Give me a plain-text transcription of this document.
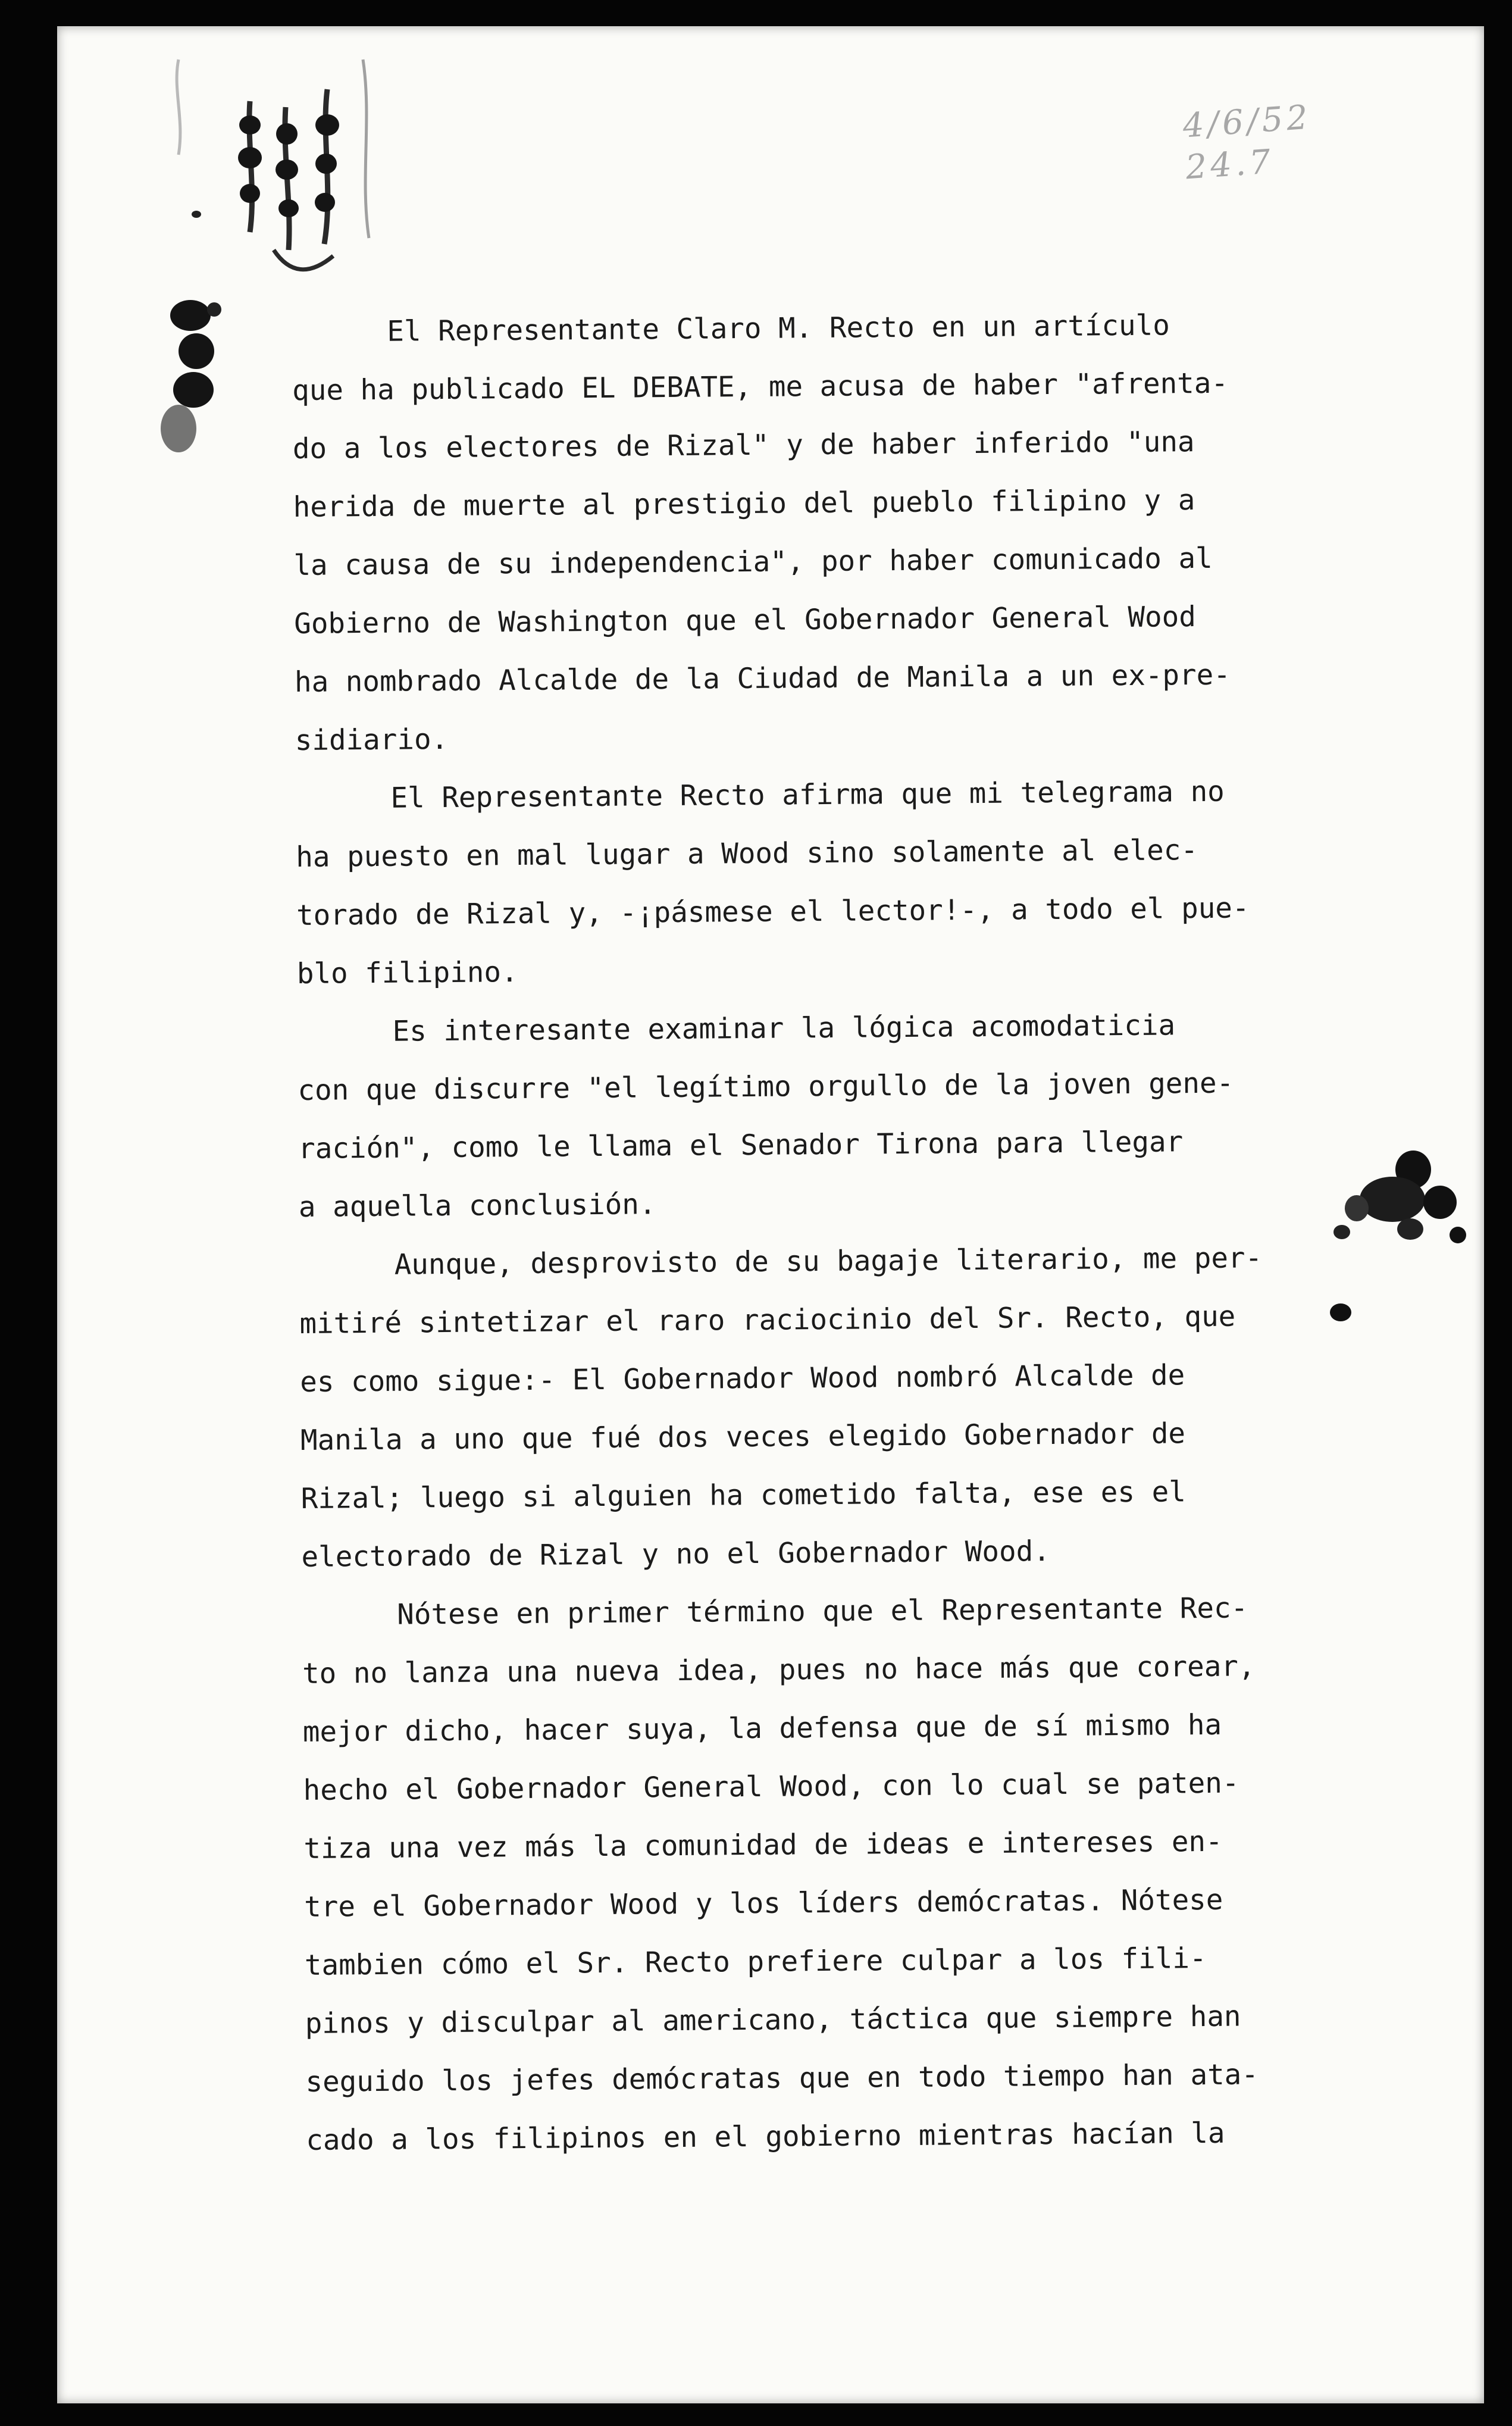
4/6/52
24.7
El Representante Claro M. Recto en un artículo
que ha publicado EL DEBATE, me acusa de haber "afrenta-
do a los electores de Rizal" y de haber inferido "una
herida de muerte al prestigio del pueblo filipino y a
la causa de su independencia", por haber comunicado al
Gobierno de Washington que el Gobernador General Wood
ha nombrado Alcalde de la Ciudad de Manila a un ex-pre-
sidiario.
El Representante Recto afirma que mi telegrama no
ha puesto en mal lugar a Wood sino solamente al elec-
torado de Rizal y, -¡pásmese el lector!-, a todo el pue-
blo filipino.
Es interesante examinar la lógica acomodaticia
con que discurre "el legítimo orgullo de la joven gene-
ración", como le llama el Senador Tirona para llegar
a aquella conclusión.
Aunque, desprovisto de su bagaje literario, me per-
mitiré sintetizar el raro raciocinio del Sr. Recto, que
es como sigue:- El Gobernador Wood nombró Alcalde de
Manila a uno que fué dos veces elegido Gobernador de
Rizal; luego si alguien ha cometido falta, ese es el
electorado de Rizal y no el Gobernador Wood.
Nótese en primer término que el Representante Rec-
to no lanza una nueva idea, pues no hace más que corear,
mejor dicho, hacer suya, la defensa que de sí mismo ha
hecho el Gobernador General Wood, con lo cual se paten-
tiza una vez más la comunidad de ideas e intereses en-
tre el Gobernador Wood y los líders demócratas. Nótese
tambien cómo el Sr. Recto prefiere culpar a los fili-
pinos y disculpar al americano, táctica que siempre han
seguido los jefes demócratas que en todo tiempo han ata-
cado a los filipinos en el gobierno mientras hacían la
